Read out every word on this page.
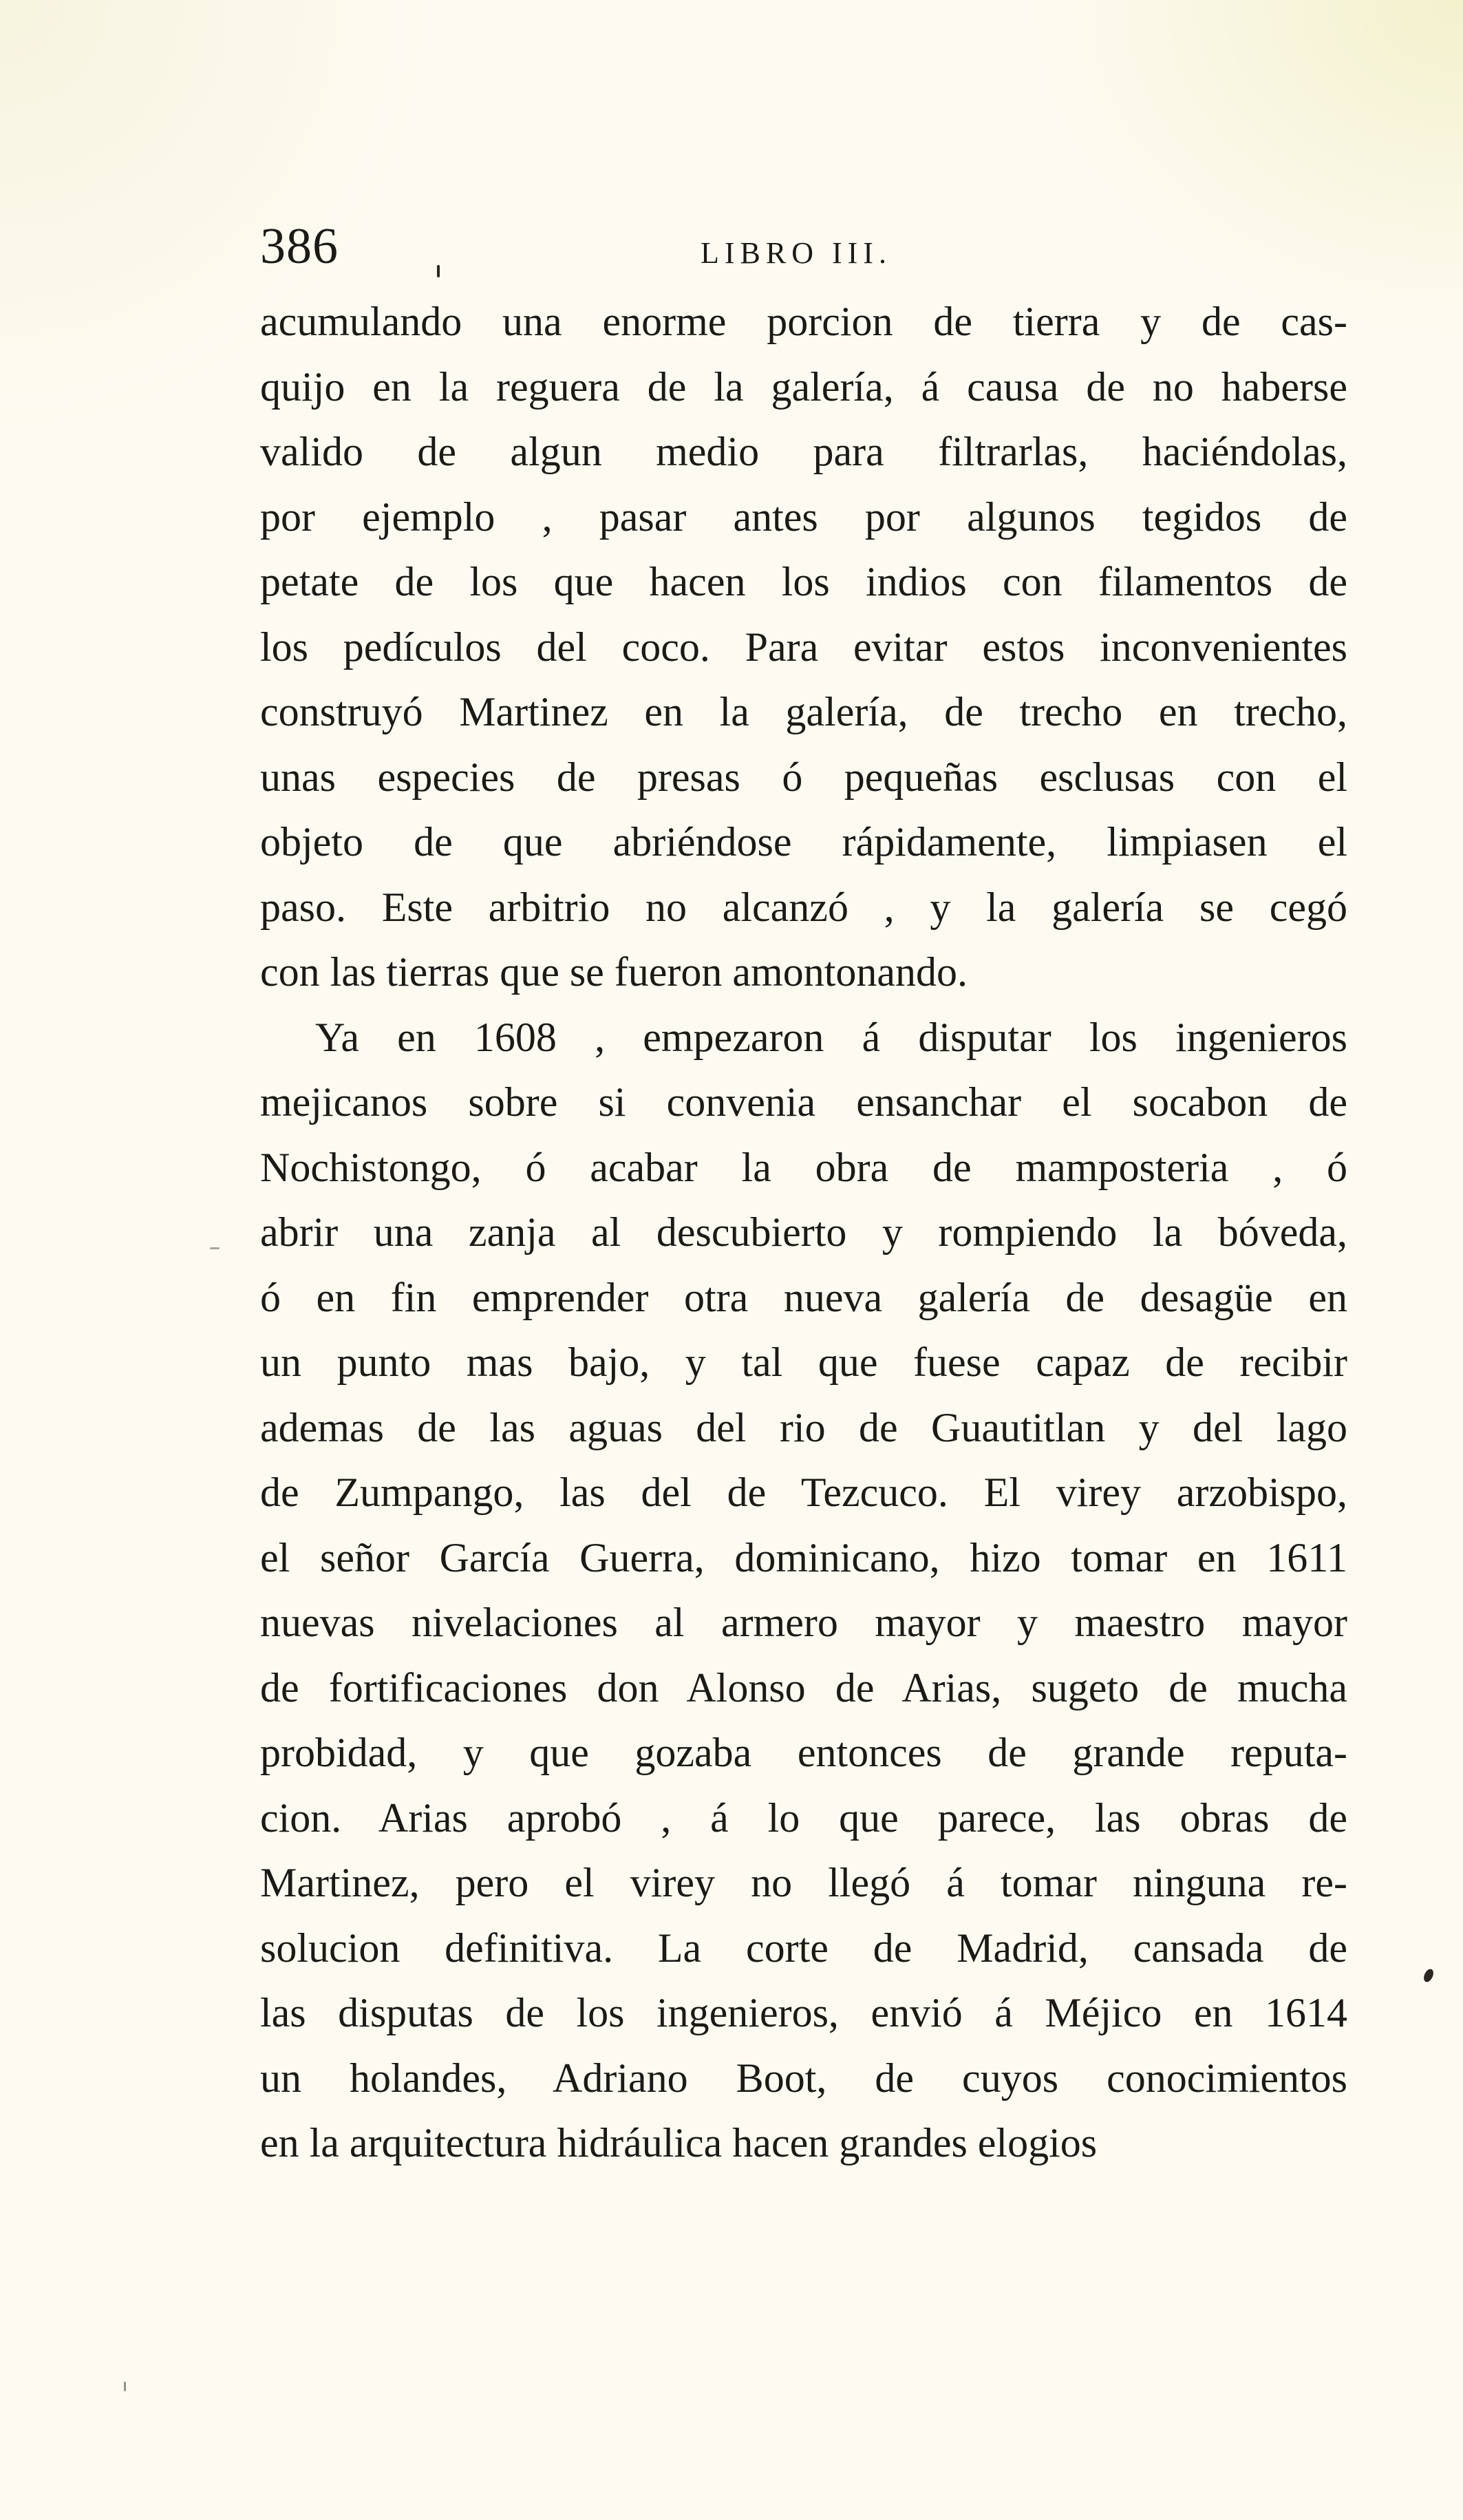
386	LIBRO III.
acumulando una enorme porcion de tierra y de cas-
quijo en la reguera de la galería, á causa de no haberse
valido de algun medio para filtrarlas, haciéndolas,
por ejemplo , pasar antes por algunos tegidos de
petate de los que hacen los indios con filamentos de
los pedículos del coco. Para evitar estos inconvenientes
construyó Martinez en la galería, de trecho en trecho,
unas especies de presas ó pequeñas esclusas con el
objeto de que abriéndose rápidamente, limpiasen el
paso. Este arbitrio no alcanzó , y la galería se cegó
con las tierras que se fueron amontonando.
Ya en 1608 , empezaron á disputar los ingenieros
mejicanos sobre si convenia ensanchar el socabon de
Nochistongo, ó acabar la obra de mamposteria , ó
abrir una zanja al descubierto y rompiendo la bóveda,
ó en fin emprender otra nueva galería de desagüe en
un punto mas bajo, y tal que fuese capaz de recibir
ademas de las aguas del rio de Guautitlan y del lago
de Zumpango, las del de Tezcuco. El virey arzobispo,
el señor García Guerra, dominicano, hizo tomar en 1611
nuevas nivelaciones al armero mayor y maestro mayor
de fortificaciones don Alonso de Arias, sugeto de mucha
probidad, y que gozaba entonces de grande reputa-
cion. Arias aprobó , á lo que parece, las obras de
Martinez, pero el virey no llegó á tomar ninguna re-
solucion definitiva. La corte de Madrid, cansada de
las disputas de los ingenieros, envió á Méjico en 1614
un holandes, Adriano Boot, de cuyos conocimientos
en la arquitectura hidráulica hacen grandes elogios
